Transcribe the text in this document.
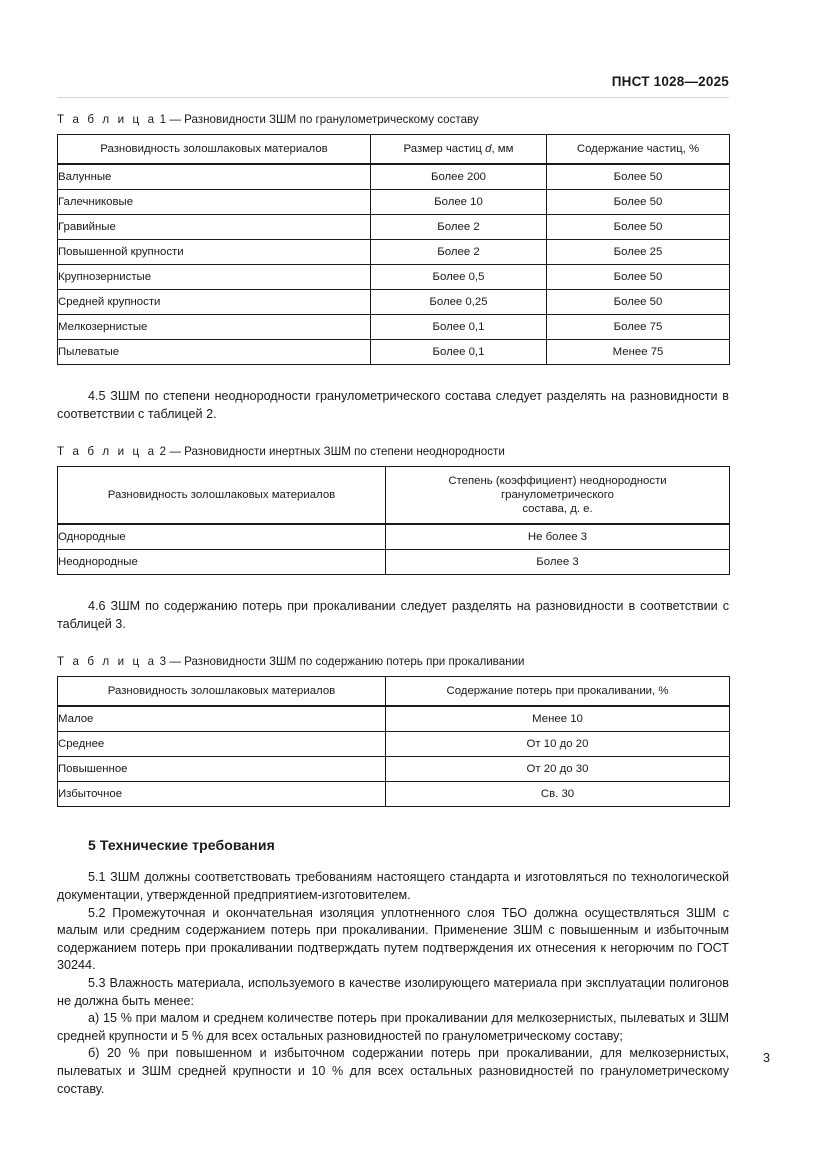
ПНСТ 1028—2025
Т а б л и ц а 1 — Разновидности ЗШМ по гранулометрическому составу
Разновидность золошлаковых материалов	Размер частиц d, мм	Содержание частиц, %
Валунные	Более 200	Более 50
Галечниковые	Более 10	Более 50
Гравийные	Более 2	Более 50
Повышенной крупности	Более 2	Более 25
Крупнозернистые	Более 0,5	Более 50
Средней крупности	Более 0,25	Более 50
Мелкозернистые	Более 0,1	Более 75
Пылеватые	Более 0,1	Менее 75

4.5 ЗШМ по степени неоднородности гранулометрического состава следует разделять на разновидности в соответствии с таблицей 2.

Т а б л и ц а 2 — Разновидности инертных ЗШМ по степени неоднородности
Разновидность золошлаковых материалов	Степень (коэффициент) неоднородности гранулометрического
состава, д. е.
Однородные	Не более 3
Неоднородные	Более 3

4.6 ЗШМ по содержанию потерь при прокаливании следует разделять на разновидности в соответствии с таблицей 3.

Т а б л и ц а 3 — Разновидности ЗШМ по содержанию потерь при прокаливании
Разновидность золошлаковых материалов	Содержание потерь при прокаливании, %
Малое	Менее 10
Среднее	От 10 до 20
Повышенное	От 20 до 30
Избыточное	Св. 30
5 Технические требования

5.1 ЗШМ должны соответствовать требованиям настоящего стандарта и изготовляться по технологической документации, утвержденной предприятием-изготовителем.

5.2 Промежуточная и окончательная изоляция уплотненного слоя ТБО должна осуществляться ЗШМ с малым или средним содержанием потерь при прокаливании. Применение ЗШМ с повышенным и избыточным содержанием потерь при прокаливании подтверждать путем подтверждения их отнесения к негорючим по ГОСТ 30244.

5.3 Влажность материала, используемого в качестве изолирующего материала при эксплуатации полигонов не должна быть менее:

а) 15 % при малом и среднем количестве потерь при прокаливании для мелкозернистых, пылеватых и ЗШМ средней крупности и 5 % для всех остальных разновидностей по гранулометрическому составу;

б) 20 % при повышенном и избыточном содержании потерь при прокаливании, для мелкозернистых, пылеватых и ЗШМ средней крупности и 10 % для всех остальных разновидностей по гранулометрическому составу.

3
